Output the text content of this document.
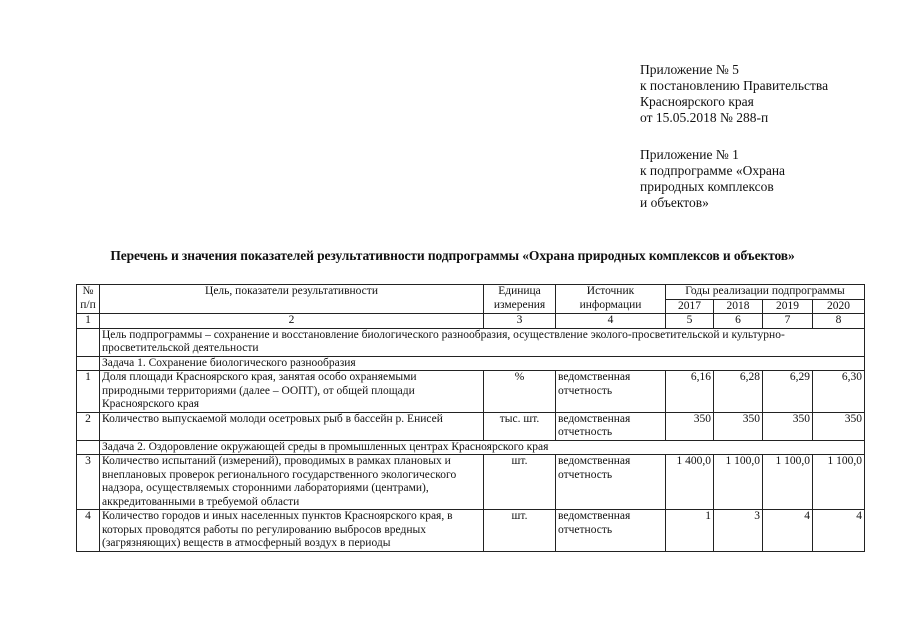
Приложение № 5
к постановлению Правительства
Красноярского края
от 15.05.2018 № 288-п
Приложение № 1
к подпрограмме «Охрана
природных комплексов
и объектов»
Перечень и значения показателей результативности подпрограммы «Охрана природных комплексов и объектов»
№ п/п	Цель, показатели результативности	Единица измерения	Источник информации	Годы реализации подпрограммы			
				2017	2018	2019	2020
1	2	3	4	5	6	7	8
	Цель подпрограммы – сохранение и восстановление биологического разнообразия, осуществление эколого-просветительской и культурно-просветительской деятельности						
	Задача 1. Сохранение биологического разнообразия						
1	Доля площади Красноярского края, занятая особо охраняемыми природными территориями (далее – ООПТ), от общей площади Красноярского края	%	ведомственная отчетность	6,16	6,28	6,29	6,30
2	Количество выпускаемой молоди осетровых рыб в бассейн р. Енисей	тыс. шт.	ведомственная отчетность	350	350	350	350
	Задача 2. Оздоровление окружающей среды в промышленных центрах Красноярского края						
3	Количество испытаний (измерений), проводимых в рамках плановых и внеплановых проверок регионального государственного экологического надзора, осуществляемых сторонними лабораториями (центрами), аккредитованными в требуемой области	шт.	ведомственная отчетность	1 400,0	1 100,0	1 100,0	1 100,0
4	Количество городов и иных населенных пунктов Красноярского края, в которых проводятся работы по регулированию выбросов вредных (загрязняющих) веществ в атмосферный воздух в периоды	шт.	ведомственная отчетность	1	3	4	4
